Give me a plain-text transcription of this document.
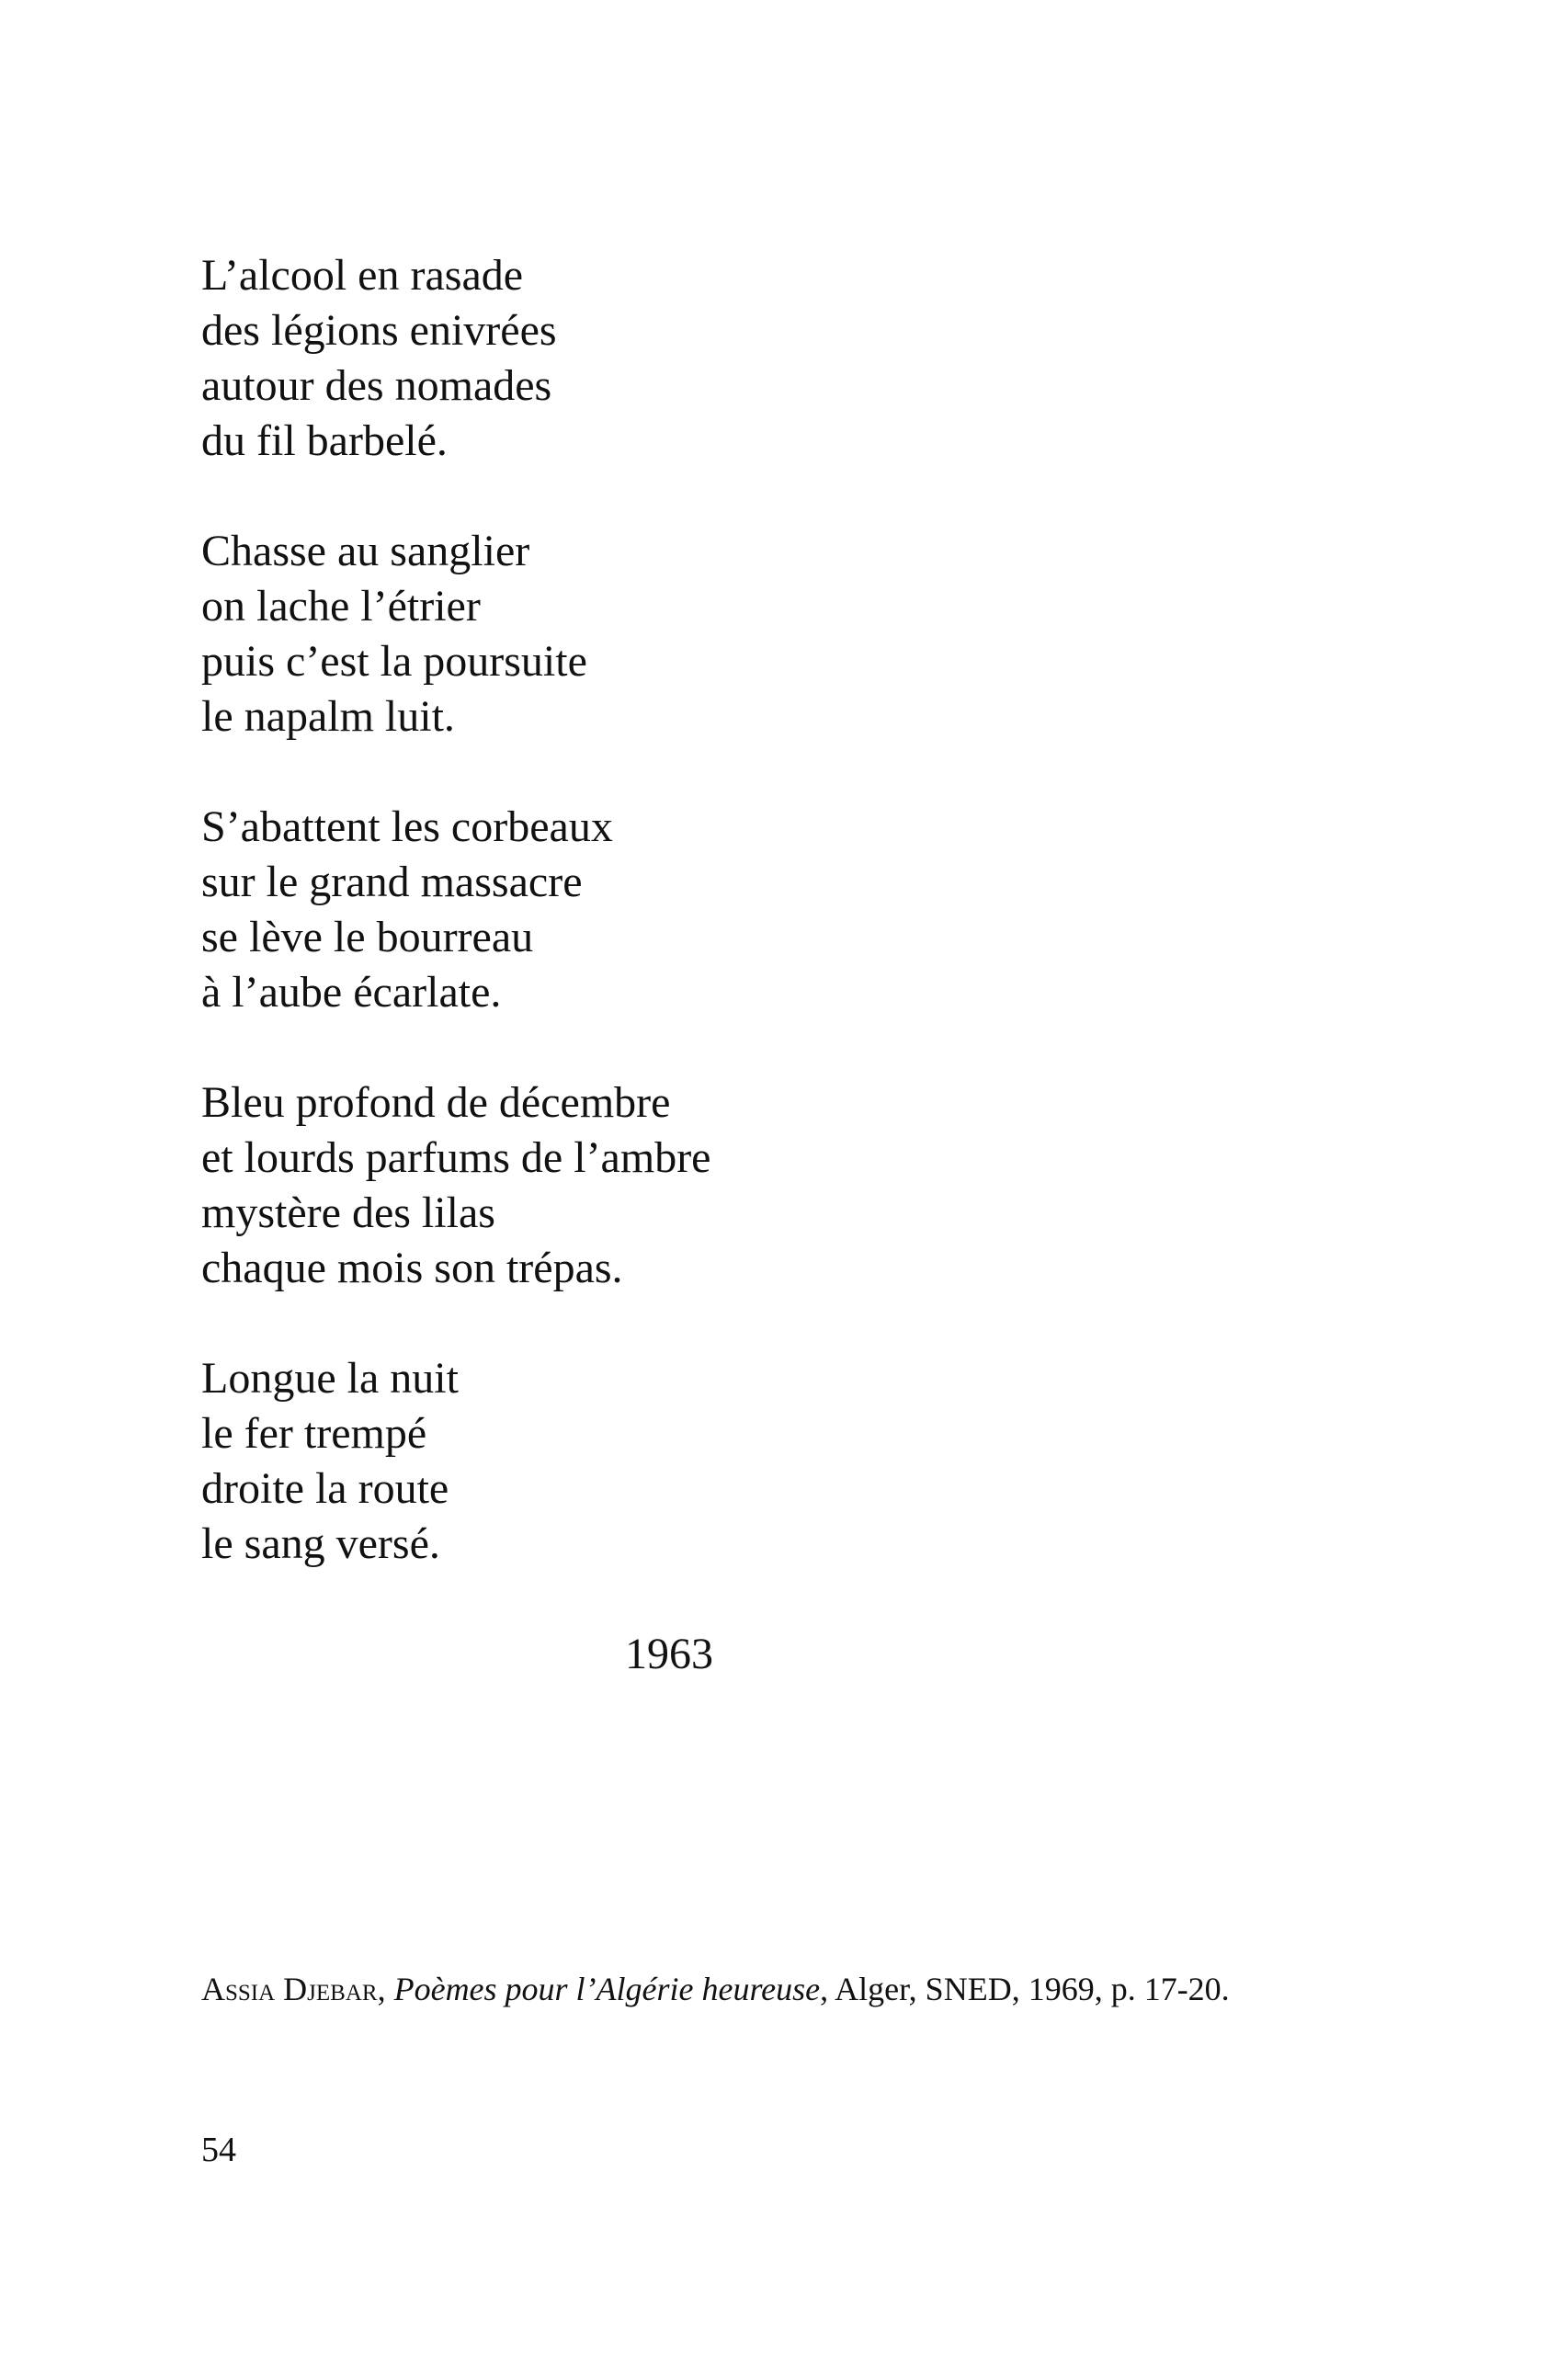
L’alcool en rasade
des légions enivrées
autour des nomades
du fil barbelé.
Chasse au sanglier
on lache l’étrier
puis c’est la poursuite
le napalm luit.
S’abattent les corbeaux
sur le grand massacre
se lève le bourreau
à l’aube écarlate.
Bleu profond de décembre
et lourds parfums de l’ambre
mystère des lilas
chaque mois son trépas.
Longue la nuit
le fer trempé
droite la route
le sang versé.
1963
Assia Djebar, Poèmes pour l’Algérie heureuse, Alger, SNED, 1969, p. 17-20.
54
